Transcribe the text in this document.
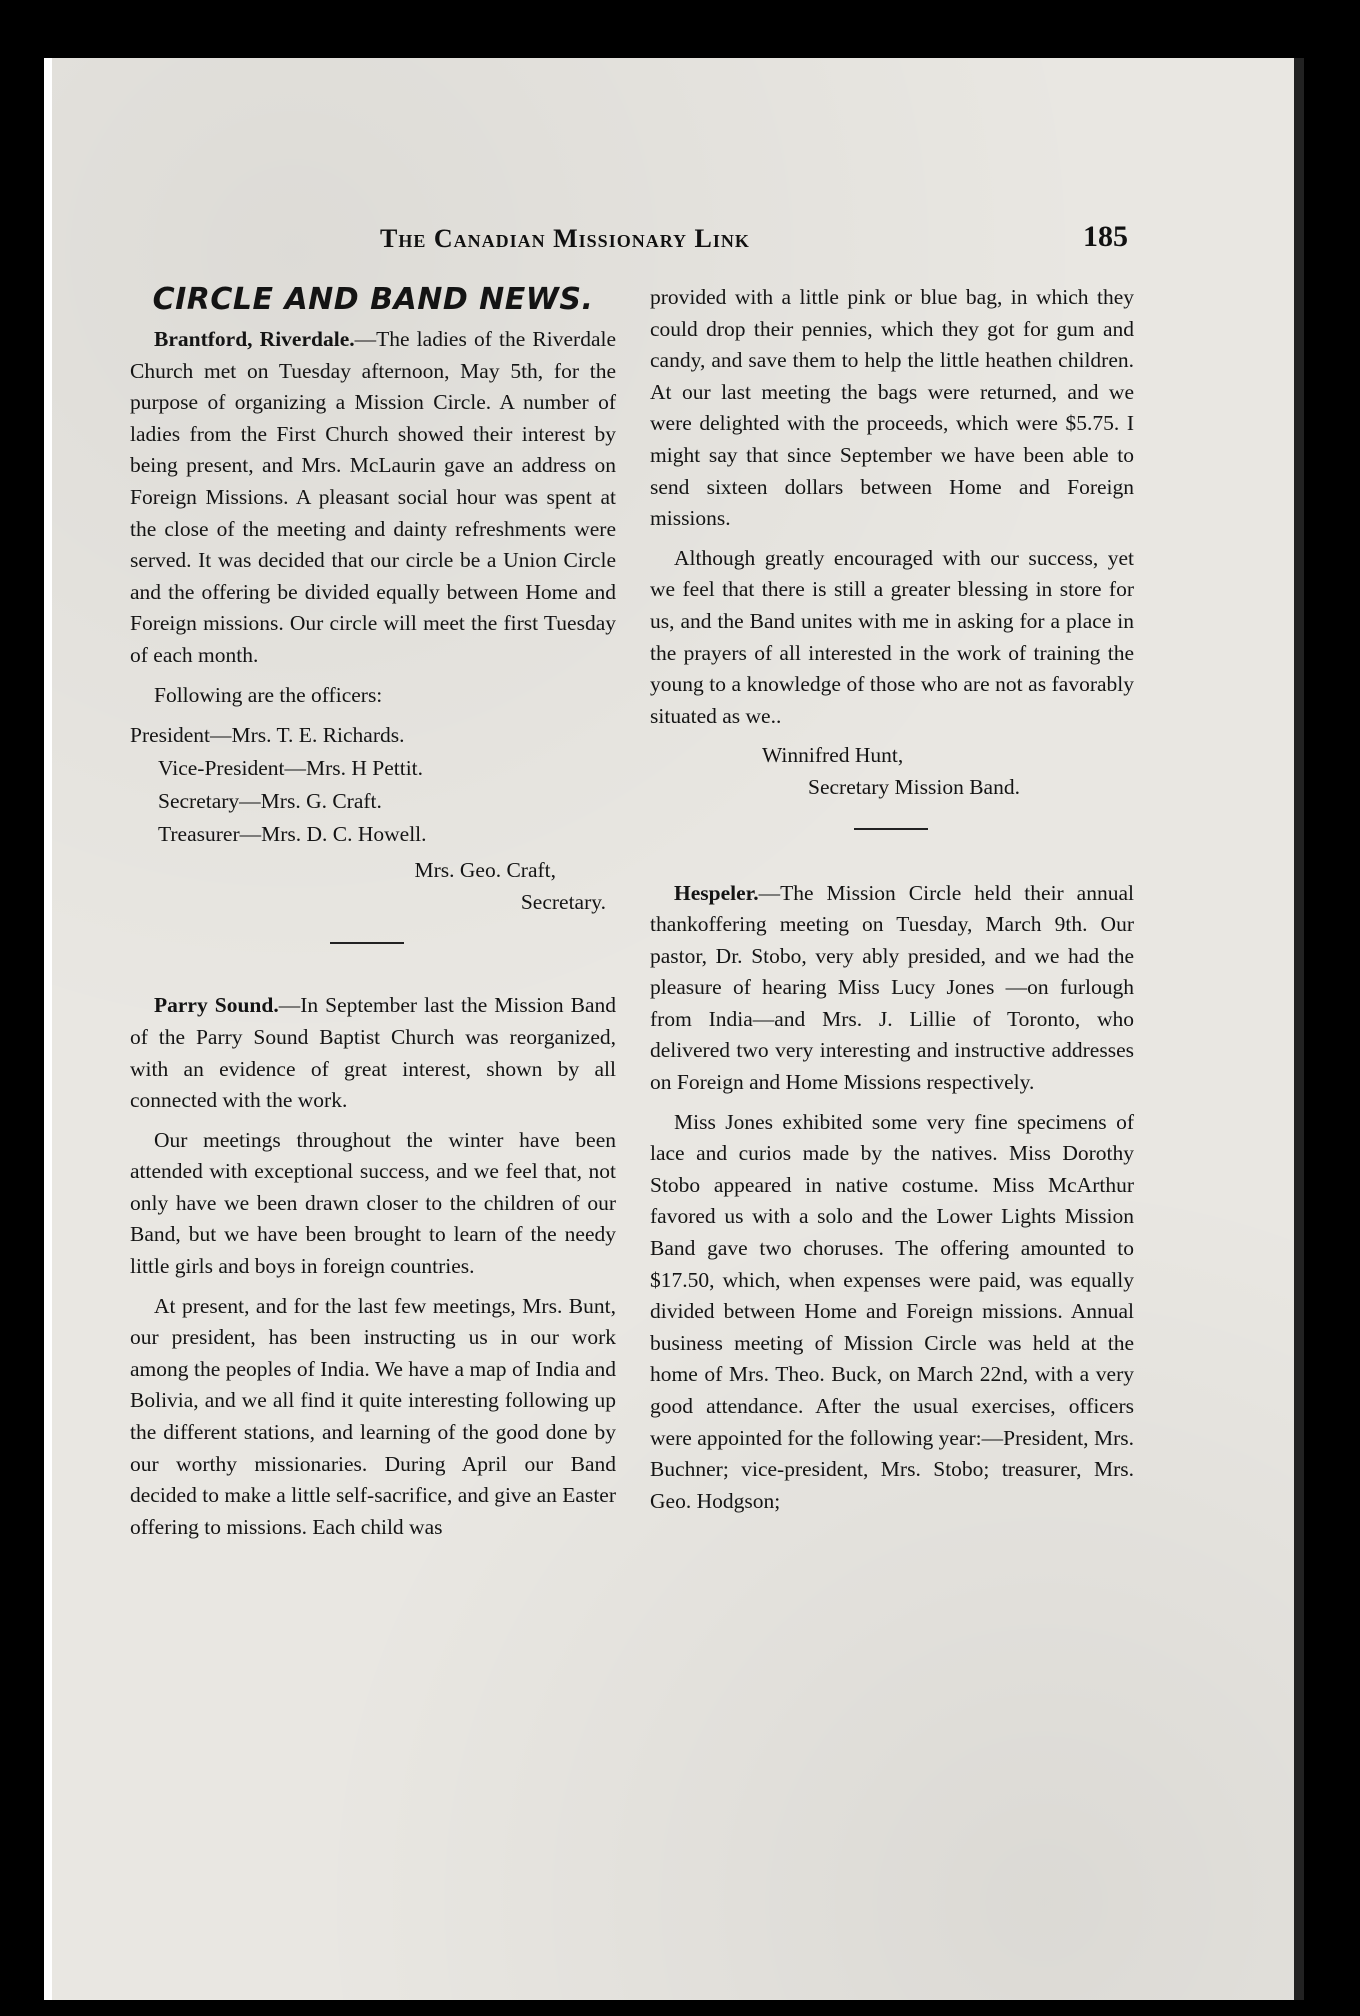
The Canadian Missionary Link	185
CIRCLE AND BAND NEWS.

Brantford, Riverdale.—The ladies of the Riverdale Church met on Tuesday afternoon, May 5th, for the purpose of organizing a Mission Circle. A number of ladies from the First Church showed their interest by being present, and Mrs. McLaurin gave an address on Foreign Missions. A pleasant social hour was spent at the close of the meeting and dainty refreshments were served. It was decided that our circle be a Union Circle and the offering be divided equally between Home and Foreign missions. Our circle will meet the first Tuesday of each month.

Following are the officers:

President—Mrs. T. E. Richards.
Vice-President—Mrs. H Pettit.
Secretary—Mrs. G. Craft.
Treasurer—Mrs. D. C. Howell.
Mrs. Geo. Craft,
Secretary.

Parry Sound.—In September last the Mission Band of the Parry Sound Baptist Church was reorganized, with an evidence of great interest, shown by all connected with the work.

Our meetings throughout the winter have been attended with exceptional success, and we feel that, not only have we been drawn closer to the children of our Band, but we have been brought to learn of the needy little girls and boys in foreign countries.

At present, and for the last few meetings, Mrs. Bunt, our president, has been instructing us in our work among the peoples of India. We have a map of India and Bolivia, and we all find it quite interesting following up the different stations, and learning of the good done by our worthy missionaries. During April our Band decided to make a little self-sacrifice, and give an Easter offering to missions. Each child was

provided with a little pink or blue bag, in which they could drop their pennies, which they got for gum and candy, and save them to help the little heathen children. At our last meeting the bags were returned, and we were delighted with the proceeds, which were $5.75. I might say that since September we have been able to send sixteen dollars between Home and Foreign missions.

Although greatly encouraged with our success, yet we feel that there is still a greater blessing in store for us, and the Band unites with me in asking for a place in the prayers of all interested in the work of training the young to a knowledge of those who are not as favorably situated as we..

Winnifred Hunt,
Secretary Mission Band.

Hespeler.—The Mission Circle held their annual thankoffering meeting on Tuesday, March 9th. Our pastor, Dr. Stobo, very ably presided, and we had the pleasure of hearing Miss Lucy Jones —on furlough from India—and Mrs. J. Lillie of Toronto, who delivered two very interesting and instructive addresses on Foreign and Home Missions respectively.

Miss Jones exhibited some very fine specimens of lace and curios made by the natives. Miss Dorothy Stobo appeared in native costume. Miss McArthur favored us with a solo and the Lower Lights Mission Band gave two choruses. The offering amounted to $17.50, which, when expenses were paid, was equally divided between Home and Foreign missions. Annual business meeting of Mission Circle was held at the home of Mrs. Theo. Buck, on March 22nd, with a very good attendance. After the usual exercises, officers were appointed for the following year:—President, Mrs. Buchner; vice-president, Mrs. Stobo; treasurer, Mrs. Geo. Hodgson;
